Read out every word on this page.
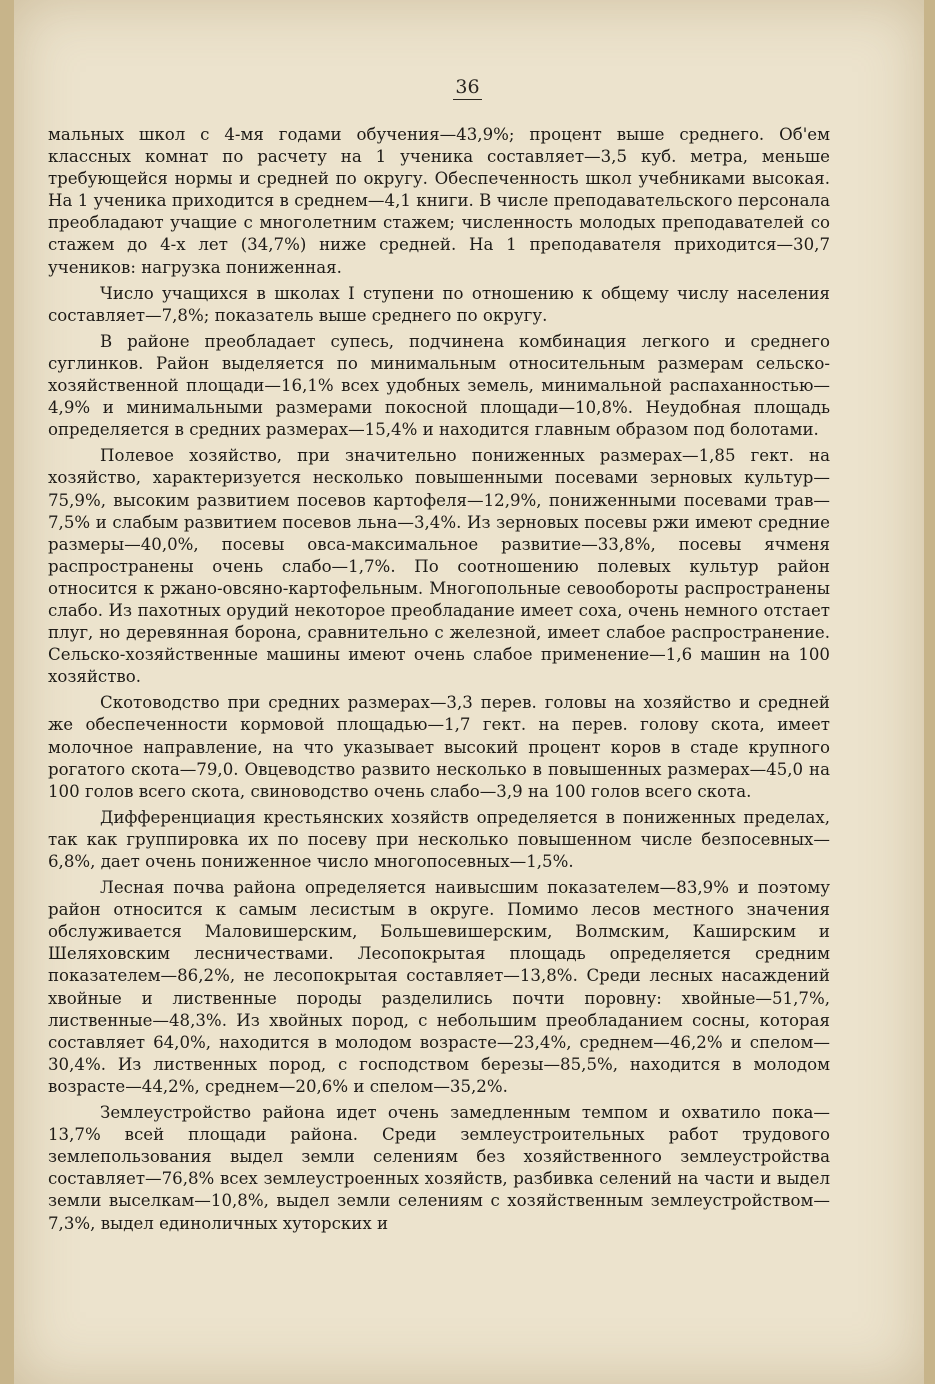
36

мальных школ с 4-мя годами обучения—43,9%; процент выше среднего. Об'ем классных комнат по расчету на 1 ученика составляет—3,5 куб. метра, меньше требующейся нормы и средней по округу. Обеспеченность школ учебниками высокая. На 1 ученика приходится в среднем—4,1 книги. В числе преподавательского персонала преобладают учащие с многолетним стажем; численность молодых преподавателей со стажем до 4-х лет (34,7%) ниже средней. На 1 преподавателя приходится—30,7 учеников: нагрузка пониженная.

Число учащихся в школах I ступени по отношению к общему числу населения составляет—7,8%; показатель выше среднего по округу.

В районе преобладает супесь, подчинена комбинация легкого и среднего суглинков. Район выделяется по минимальным относительным размерам сельско-хозяйственной площади—16,1% всех удобных земель, минимальной распаханностью—4,9% и минимальными размерами покосной площади—10,8%. Неудобная площадь определяется в средних размерах—15,4% и находится главным образом под болотами.

Полевое хозяйство, при значительно пониженных размерах—1,85 гект. на хозяйство, характеризуется несколько повышенными посевами зерновых культур—75,9%, высоким развитием посевов картофеля—12,9%, пониженными посевами трав—7,5% и слабым развитием посевов льна—3,4%. Из зерновых посевы ржи имеют средние размеры—40,0%, посевы овса-максимальное развитие—33,8%, посевы ячменя распространены очень слабо—1,7%. По соотношению полевых культур район относится к ржано-овсяно-картофельным. Многопольные севообороты распространены слабо. Из пахотных орудий некоторое преобладание имеет соха, очень немного отстает плуг, но деревянная борона, сравнительно с железной, имеет слабое распространение. Сельско-хозяйственные машины имеют очень слабое применение—1,6 машин на 100 хозяйство.

Скотоводство при средних размерах—3,3 перев. головы на хозяйство и средней же обеспеченности кормовой площадью—1,7 гект. на перев. голову скота, имеет молочное направление, на что указывает высокий процент коров в стаде крупного рогатого скота—79,0. Овцеводство развито несколько в повышенных размерах—45,0 на 100 голов всего скота, свиноводство очень слабо—3,9 на 100 голов всего скота.

Дифференциация крестьянских хозяйств определяется в пониженных пределах, так как группировка их по посеву при несколько повышенном числе безпосевных—6,8%, дает очень пониженное число многопосевных—1,5%.

Лесная почва района определяется наивысшим показателем—83,9% и поэтому район относится к самым лесистым в округе. Помимо лесов местного значения обслуживается Маловишерским, Большевишерским, Волмским, Каширским и Шеляховским лесничествами. Лесопокрытая площадь определяется средним показателем—86,2%, не лесопокрытая составляет—13,8%. Среди лесных насаждений хвойные и лиственные породы разделились почти поровну: хвойные—51,7%, лиственные—48,3%. Из хвойных пород, с небольшим преобладанием сосны, которая составляет 64,0%, находится в молодом возрасте—23,4%, среднем—46,2% и спелом—30,4%. Из лиственных пород, с господством березы—85,5%, находится в молодом возрасте—44,2%, среднем—20,6% и спелом—35,2%.

Землеустройство района идет очень замедленным темпом и охватило пока—13,7% всей площади района. Среди землеустроительных работ трудового землепользования выдел земли селениям без хозяйственного землеустройства составляет—76,8% всех землеустроенных хозяйств, разбивка селений на части и выдел земли выселкам—10,8%, выдел земли селениям с хозяйственным землеустройством—7,3%, выдел единоличных хуторских и
